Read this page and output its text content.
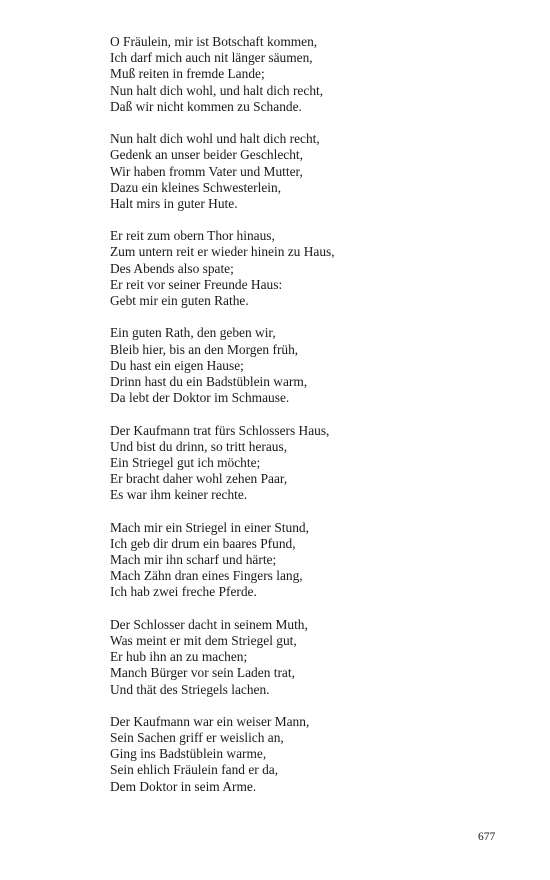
O Fräulein, mir ist Botschaft kommen,
Ich darf mich auch nit länger säumen,
Muß reiten in fremde Lande;
Nun halt dich wohl, und halt dich recht,
Daß wir nicht kommen zu Schande.
Nun halt dich wohl und halt dich recht,
Gedenk an unser beider Geschlecht,
Wir haben fromm Vater und Mutter,
Dazu ein kleines Schwesterlein,
Halt mirs in guter Hute.
Er reit zum obern Thor hinaus,
Zum untern reit er wieder hinein zu Haus,
Des Abends also spate;
Er reit vor seiner Freunde Haus:
Gebt mir ein guten Rathe.
Ein guten Rath, den geben wir,
Bleib hier, bis an den Morgen früh,
Du hast ein eigen Hause;
Drinn hast du ein Badstüblein warm,
Da lebt der Doktor im Schmause.
Der Kaufmann trat fürs Schlossers Haus,
Und bist du drinn, so tritt heraus,
Ein Striegel gut ich möchte;
Er bracht daher wohl zehen Paar,
Es war ihm keiner rechte.
Mach mir ein Striegel in einer Stund,
Ich geb dir drum ein baares Pfund,
Mach mir ihn scharf und härte;
Mach Zähn dran eines Fingers lang,
Ich hab zwei freche Pferde.
Der Schlosser dacht in seinem Muth,
Was meint er mit dem Striegel gut,
Er hub ihn an zu machen;
Manch Bürger vor sein Laden trat,
Und thät des Striegels lachen.
Der Kaufmann war ein weiser Mann,
Sein Sachen griff er weislich an,
Ging ins Badstüblein warme,
Sein ehlich Fräulein fand er da,
Dem Doktor in seim Arme.
677
